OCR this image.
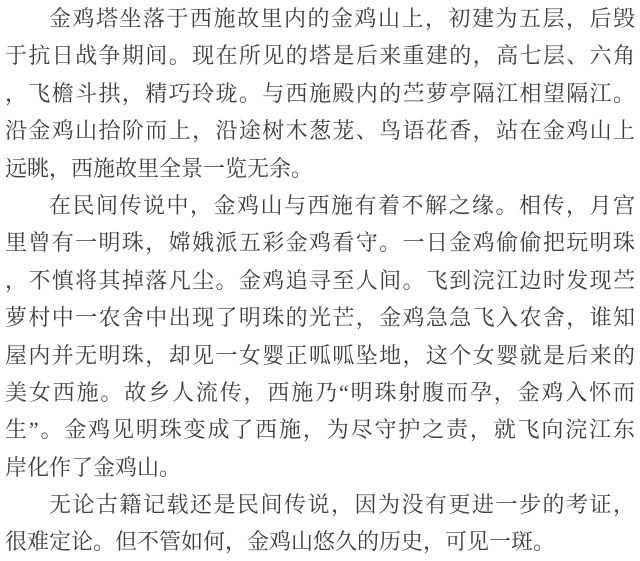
金鸡塔坐落于西施故里内的金鸡山上，初建为五层，后毁
于抗日战争期间。现在所见的塔是后来重建的，高七层、六角
，飞檐斗拱，精巧玲珑。与西施殿内的苎萝亭隔江相望隔江。
沿金鸡山拾阶而上，沿途树木葱茏、鸟语花香，站在金鸡山上
远眺，西施故里全景一览无余。
在民间传说中，金鸡山与西施有着不解之缘。相传，月宫
里曾有一明珠，嫦娥派五彩金鸡看守。一日金鸡偷偷把玩明珠
，不慎将其掉落凡尘。金鸡追寻至人间。飞到浣江边时发现苎
萝村中一农舍中出现了明珠的光芒，金鸡急急飞入农舍，谁知
屋内并无明珠，却见一女婴正呱呱坠地，这个女婴就是后来的
美女西施。故乡人流传，西施乃“明珠射腹而孕，金鸡入怀而
生”。金鸡见明珠变成了西施，为尽守护之责，就飞向浣江东
岸化作了金鸡山。
无论古籍记载还是民间传说，因为没有更进一步的考证，
很难定论。但不管如何，金鸡山悠久的历史，可见一斑。
